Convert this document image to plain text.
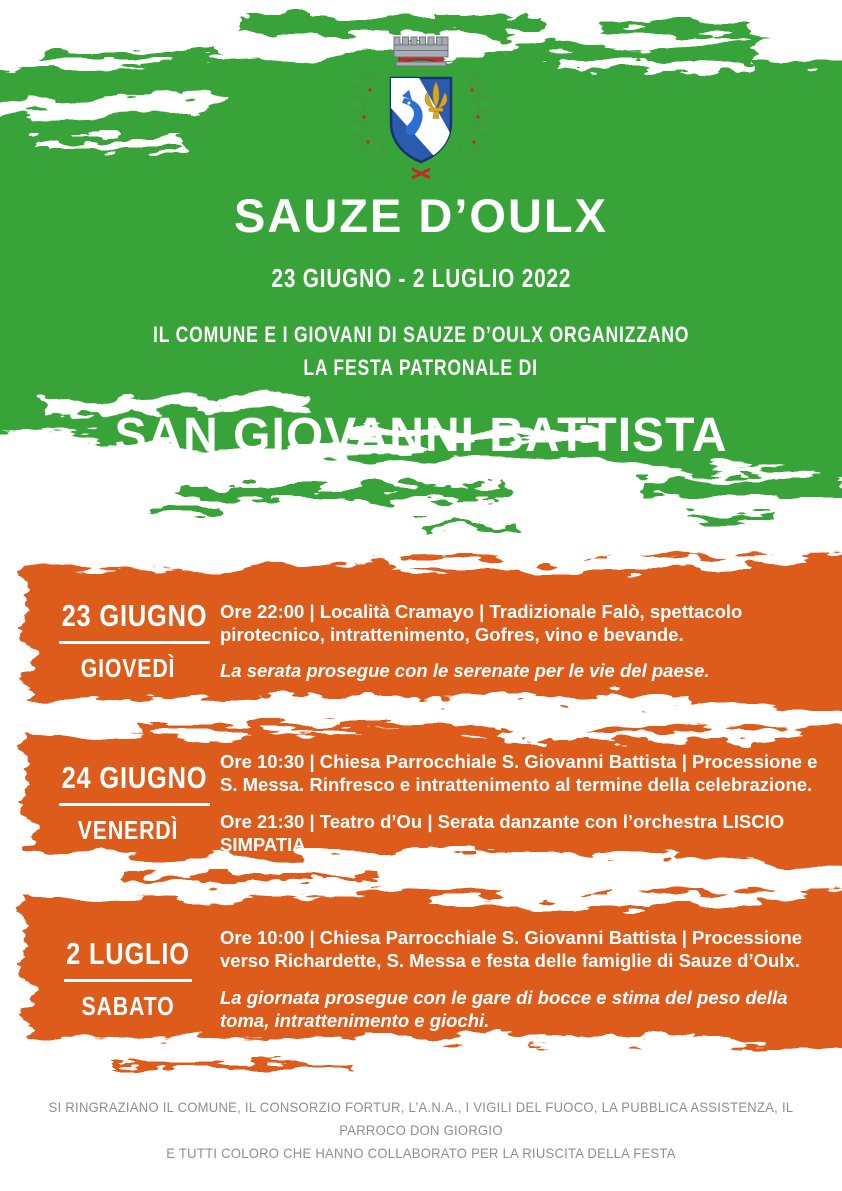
SAUZE D’OULX
23 GIUGNO - 2 LUGLIO 2022
IL COMUNE E I GIOVANI DI SAUZE D’OULX ORGANIZZANO
LA FESTA PATRONALE DI
SAN GIOVANNI BATTISTA
23 GIUGNO
GIOVEDÌ
Ore 22:00 | Località Cramayo | Tradizionale Falò, spettacolo pirotecnico, intrattenimento, Gofres, vino e bevande.
La serata prosegue con le serenate per le vie del paese.
24 GIUGNO
VENERDÌ
Ore 10:30 | Chiesa Parrocchiale S. Giovanni Battista | Processione e S. Messa. Rinfresco e intrattenimento al termine della celebrazione.
Ore 21:30 | Teatro d’Ou | Serata danzante con l’orchestra LISCIO SIMPATIA
2 LUGLIO
SABATO
Ore 10:00 | Chiesa Parrocchiale S. Giovanni Battista | Processione verso Richardette, S. Messa e festa delle famiglie di Sauze d’Oulx.
La giornata prosegue con le gare di bocce e stima del peso della toma, intrattenimento e giochi.
SI RINGRAZIANO IL COMUNE, IL CONSORZIO FORTUR, L’A.N.A., I VIGILI DEL FUOCO, LA PUBBLICA ASSISTENZA, IL PARROCO DON GIORGIO
E TUTTI COLORO CHE HANNO COLLABORATO PER LA RIUSCITA DELLA FESTA
